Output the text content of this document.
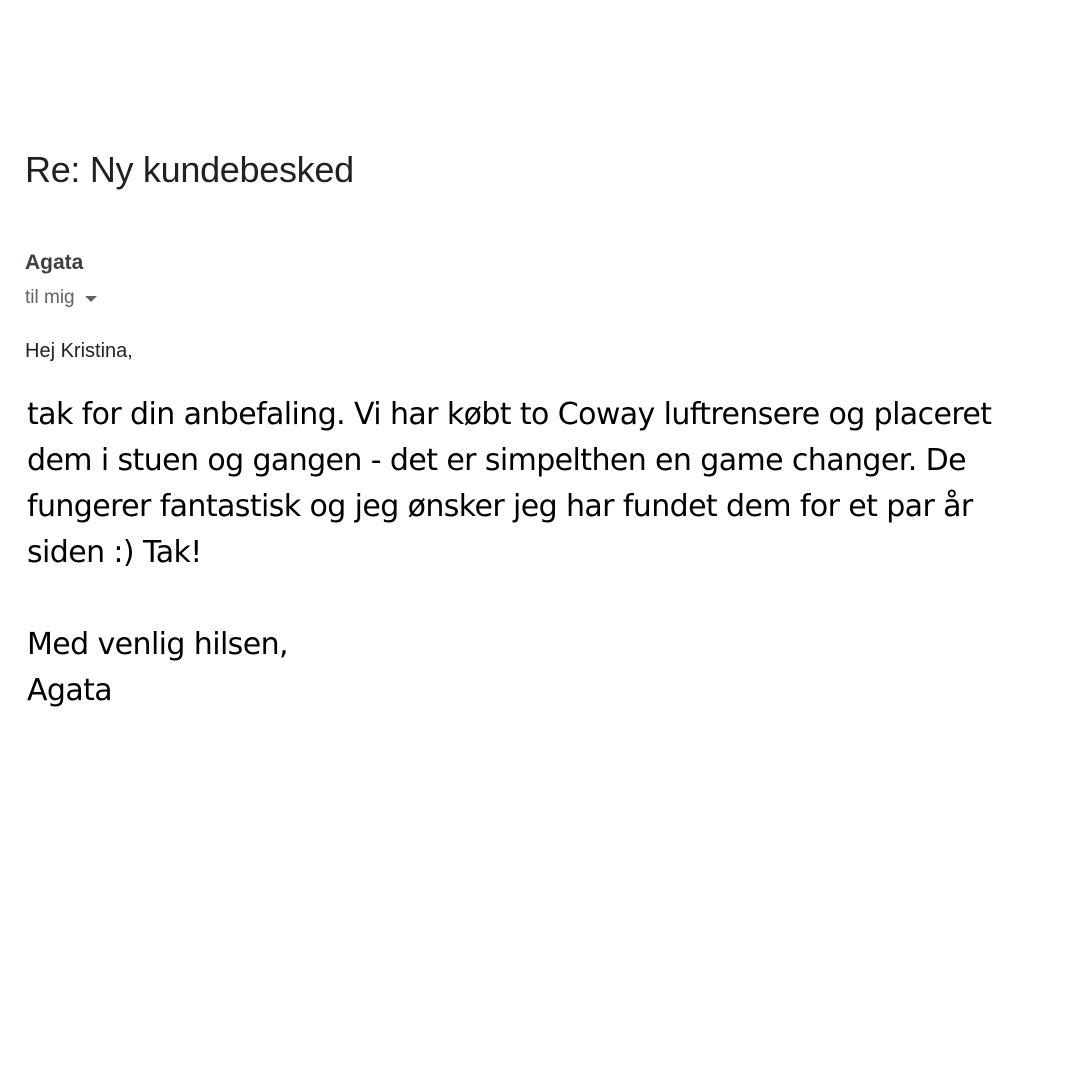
Re: Ny kundebesked
Agata
til mig
Hej Kristina,

tak for din anbefaling. Vi har købt to Coway luftrensere og placeret dem i stuen og gangen - det er simpelthen en game changer. De fungerer fantastisk og jeg ønsker jeg har fundet dem for et par år siden :) Tak!

Med venlig hilsen,
Agata
